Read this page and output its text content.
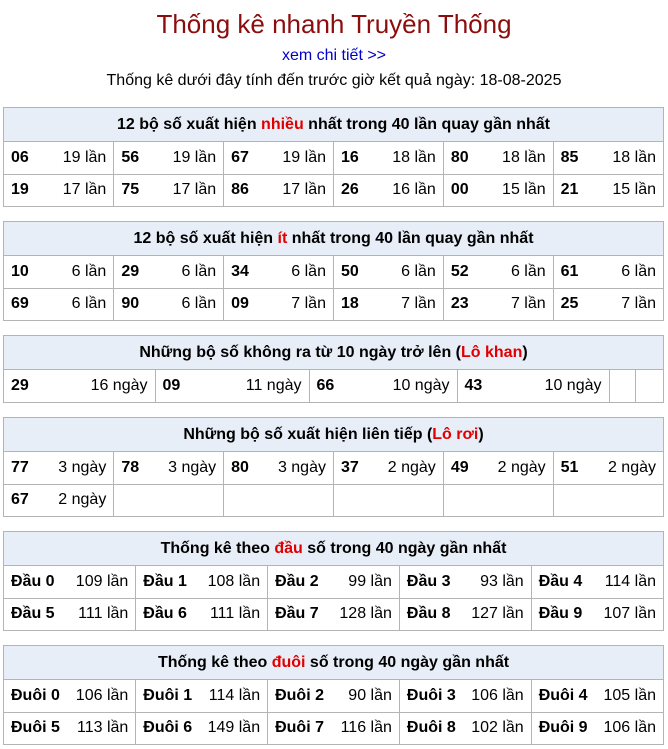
Thống kê nhanh Truyền Thống
xem chi tiết >>
Thống kê dưới đây tính đến trước giờ kết quả ngày: 18-08-2025
12 bộ số xuất hiện nhiều nhất trong 40 lần quay gần nhất
06 19 lần	56 19 lần	67 19 lần	16 18 lần	80 18 lần	85 18 lần

19 17 lần	75 17 lần	86 17 lần	26 16 lần	00 15 lần	21 15 lần
12 bộ số xuất hiện ít nhất trong 40 lần quay gần nhất
10 6 lần	29 6 lần	34 6 lần	50 6 lần	52 6 lần	61 6 lần

69 6 lần	90 6 lần	09 7 lần	18 7 lần	23 7 lần	25 7 lần
Những bộ số không ra từ 10 ngày trở lên (Lô khan)
29	16 ngày	09	11 ngày	66	10 ngày	43	10 ngày

Những bộ số xuất hiện liên tiếp (Lô rơi)
77 3 ngày	78 3 ngày	80 3 ngày	37 2 ngày	49 2 ngày	51 2 ngày

67 2 ngày					

Thống kê theo đầu số trong 40 ngày gần nhất
Đầu 0 109 lần	Đầu 1 108 lần	Đầu 2 99 lần	Đầu 3 93 lần	Đầu 4 114 lần

Đầu 5 111 lần	Đầu 6 111 lần	Đầu 7 128 lần	Đầu 8 127 lần	Đầu 9 107 lần
Thống kê theo đuôi số trong 40 ngày gần nhất
Đuôi 0 106 lần	Đuôi 1 114 lần	Đuôi 2 90 lần	Đuôi 3 106 lần	Đuôi 4 105 lần

Đuôi 5 113 lần	Đuôi 6 149 lần	Đuôi 7 116 lần	Đuôi 8 102 lần	Đuôi 9 106 lần
